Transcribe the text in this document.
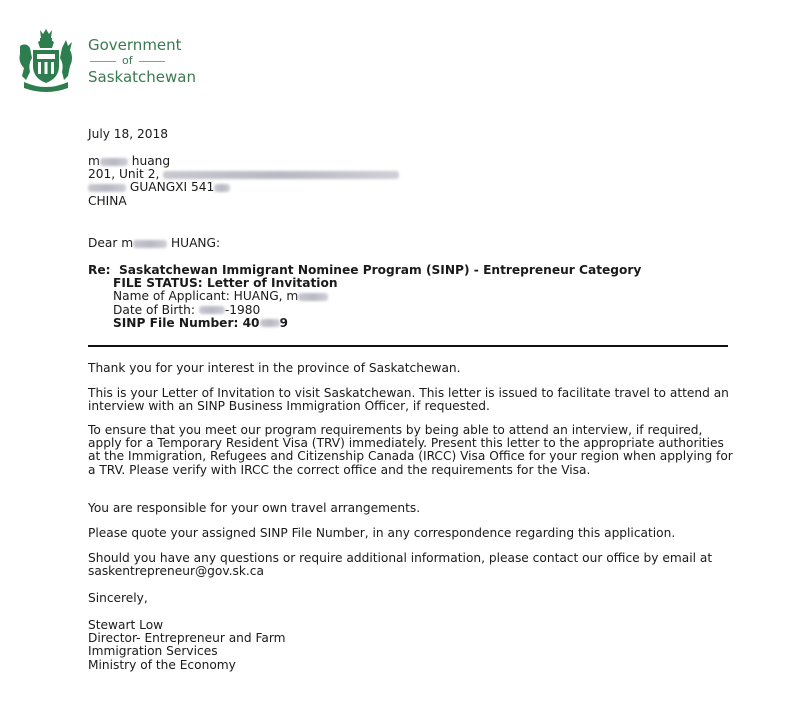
Government
of
Saskatchewan
July 18, 2018
m huang
201, Unit 2,
GUANGXI 541
CHINA
Dear m	HUANG:
Re: Saskatchewan Immigrant Nominee Program (SINP) - Entrepreneur Category
FILE STATUS: Letter of Invitation
Name of Applicant: HUANG, m
Date of Birth: -1980
SINP File Number: 40 9
Thank you for your interest in the province of Saskatchewan.
This is your Letter of Invitation to visit Saskatchewan. This letter is issued to facilitate travel to attend an interview with an SINP Business Immigration Officer, if requested.
To ensure that you meet our program requirements by being able to attend an interview, if required, apply for a Temporary Resident Visa (TRV) immediately. Present this letter to the appropriate authorities at the Immigration, Refugees and Citizenship Canada (IRCC) Visa Office for your region when applying for a TRV. Please verify with IRCC the correct office and the requirements for the Visa.
You are responsible for your own travel arrangements.
Please quote your assigned SINP File Number, in any correspondence regarding this application.
Should you have any questions or require additional information, please contact our office by email at saskentrepreneur@gov.sk.ca
Sincerely,
Stewart Low
Director- Entrepreneur and Farm
Immigration Services
Ministry of the Economy
